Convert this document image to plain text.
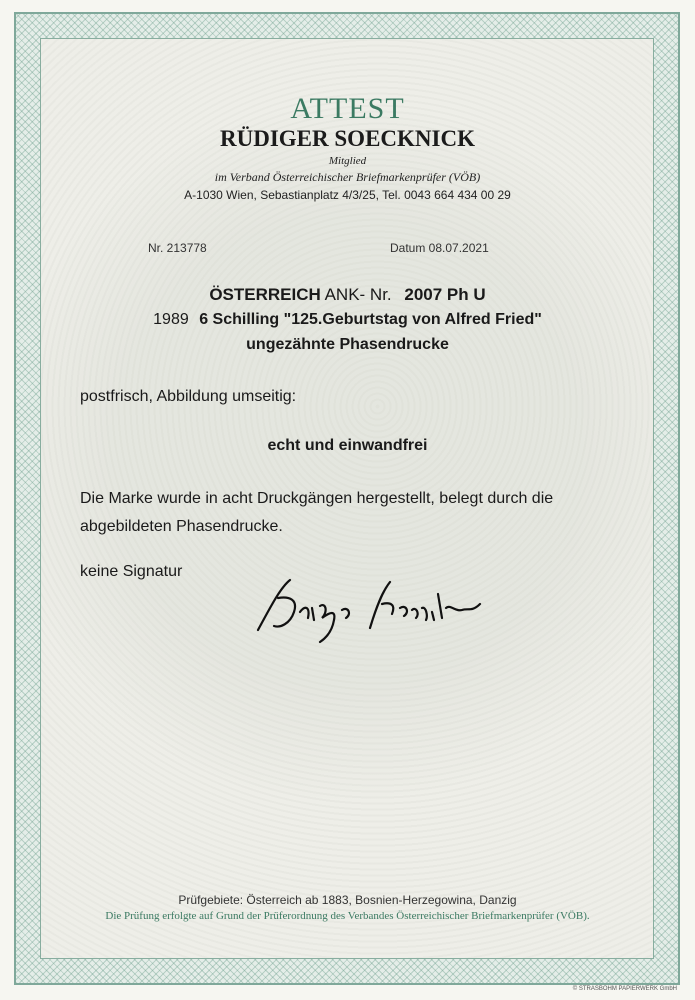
ATTEST
RÜDIGER SOECKNICK
Mitglied
im Verband Österreichischer Briefmarkenprüfer (VÖB)
A-1030 Wien, Sebastianplatz 4/3/25, Tel. 0043 664 434 00 29
Nr. 213778	Datum 08.07.2021
ÖSTERREICH ANK- Nr. 2007 Ph U
1989 6 Schilling "125.Geburtstag von Alfred Fried"
ungezähnte Phasendrucke
postfrisch, Abbildung umseitig:
echt und einwandfrei
Die Marke wurde in acht Druckgängen hergestellt, belegt durch die abgebildeten Phasendrucke.
keine Signatur
Prüfgebiete: Österreich ab 1883, Bosnien-Herzegowina, Danzig
Die Prüfung erfolgte auf Grund der Prüferordnung des Verbandes Österreichischer Briefmarkenprüfer (VÖB).
© STRASBOHM PAPIERWERK GmbH
